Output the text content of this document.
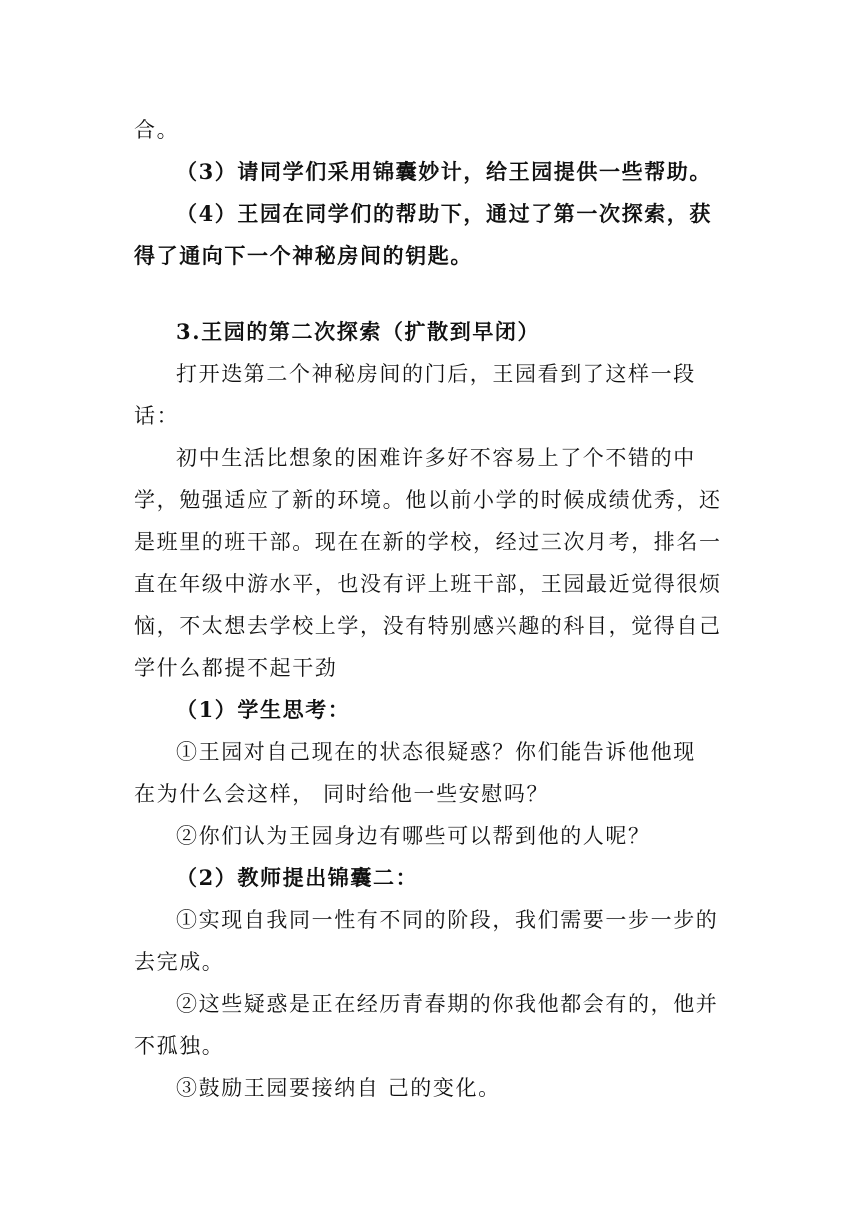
合。
（3）请同学们采用锦囊妙计，给王园提供一些帮助。
（4）王园在同学们的帮助下，通过了第一次探索，获
得了通向下一个神秘房间的钥匙。
3.王园的第二次探索（扩散到早闭）
打开迭第二个神秘房间的门后，王园看到了这样一段
话：
初中生活比想象的困难许多好不容易上了个不错的中
学，勉强适应了新的环境。他以前小学的时候成绩优秀，还
是班里的班干部。现在在新的学校，经过三次月考，排名一
直在年级中游水平，也没有评上班干部，王园最近觉得很烦
恼，不太想去学校上学，没有特别感兴趣的科目，觉得自己
学什么都提不起干劲
（1）学生思考：
①王园对自己现在的状态很疑惑？你们能告诉他他现
在为什么会这样， 同时给他一些安慰吗？
②你们认为王园身边有哪些可以帮到他的人呢？
（2）教师提出锦囊二：
①实现自我同一性有不同的阶段，我们需要一步一步的
去完成。
②这些疑惑是正在经历青春期的你我他都会有的，他并
不孤独。
③鼓励王园要接纳自 己的变化。
